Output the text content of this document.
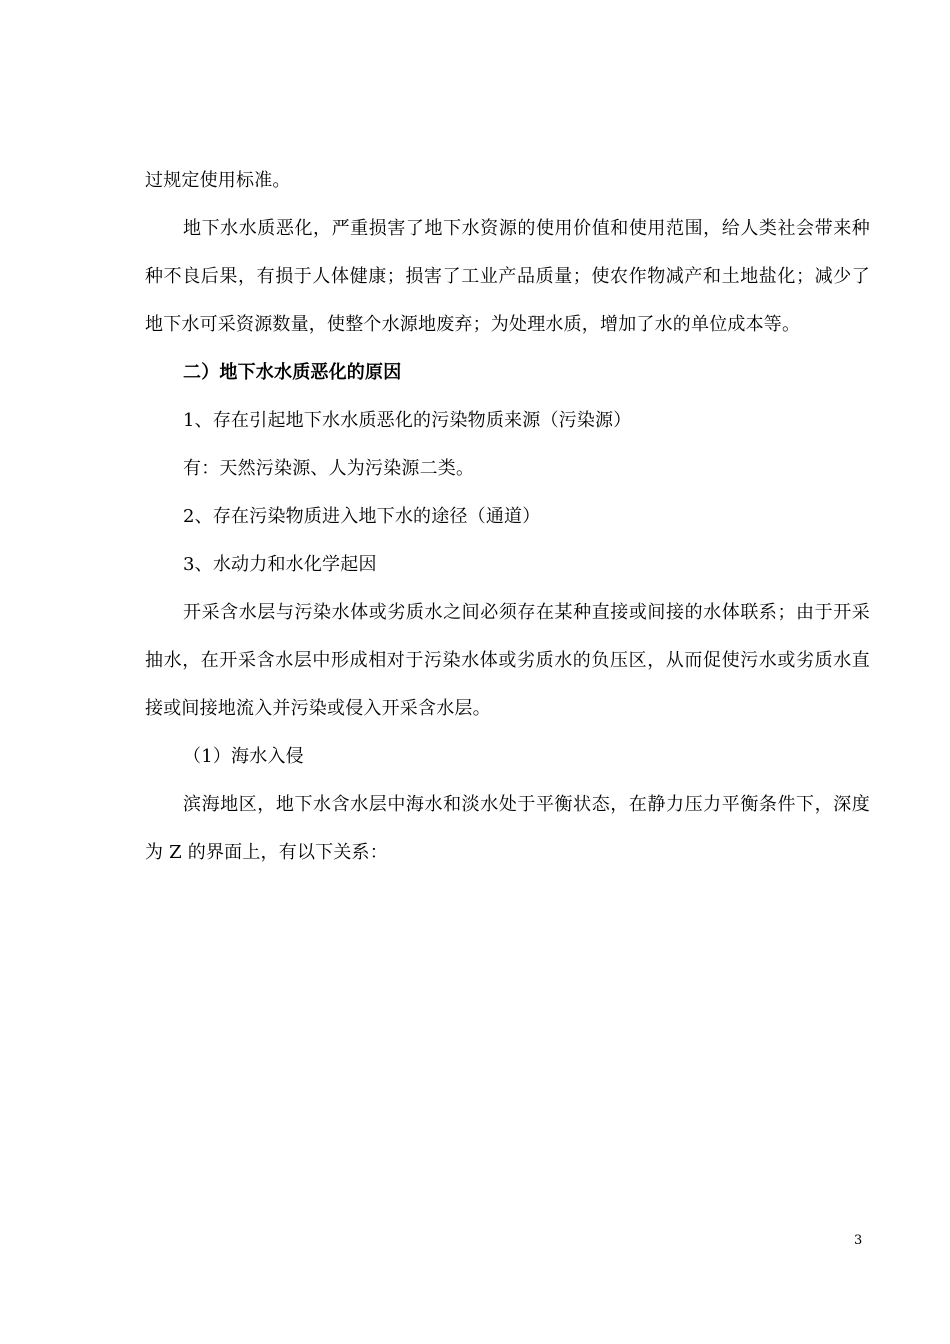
过规定使用标准。

地下水水质恶化，严重损害了地下水资源的使用价值和使用范围，给人类社会带来种种不良后果，有损于人体健康；损害了工业产品质量；使农作物减产和土地盐化；减少了地下水可采资源数量，使整个水源地废弃；为处理水质，增加了水的单位成本等。

二）地下水水质恶化的原因

1、存在引起地下水水质恶化的污染物质来源（污染源）

有：天然污染源、人为污染源二类。

2、存在污染物质进入地下水的途径（通道）

3、水动力和水化学起因

开采含水层与污染水体或劣质水之间必须存在某种直接或间接的水体联系；由于开采抽水，在开采含水层中形成相对于污染水体或劣质水的负压区，从而促使污水或劣质水直接或间接地流入并污染或侵入开采含水层。

（1）海水入侵

滨海地区，地下水含水层中海水和淡水处于平衡状态，在静力压力平衡条件下，深度为 Z 的界面上，有以下关系：

3
